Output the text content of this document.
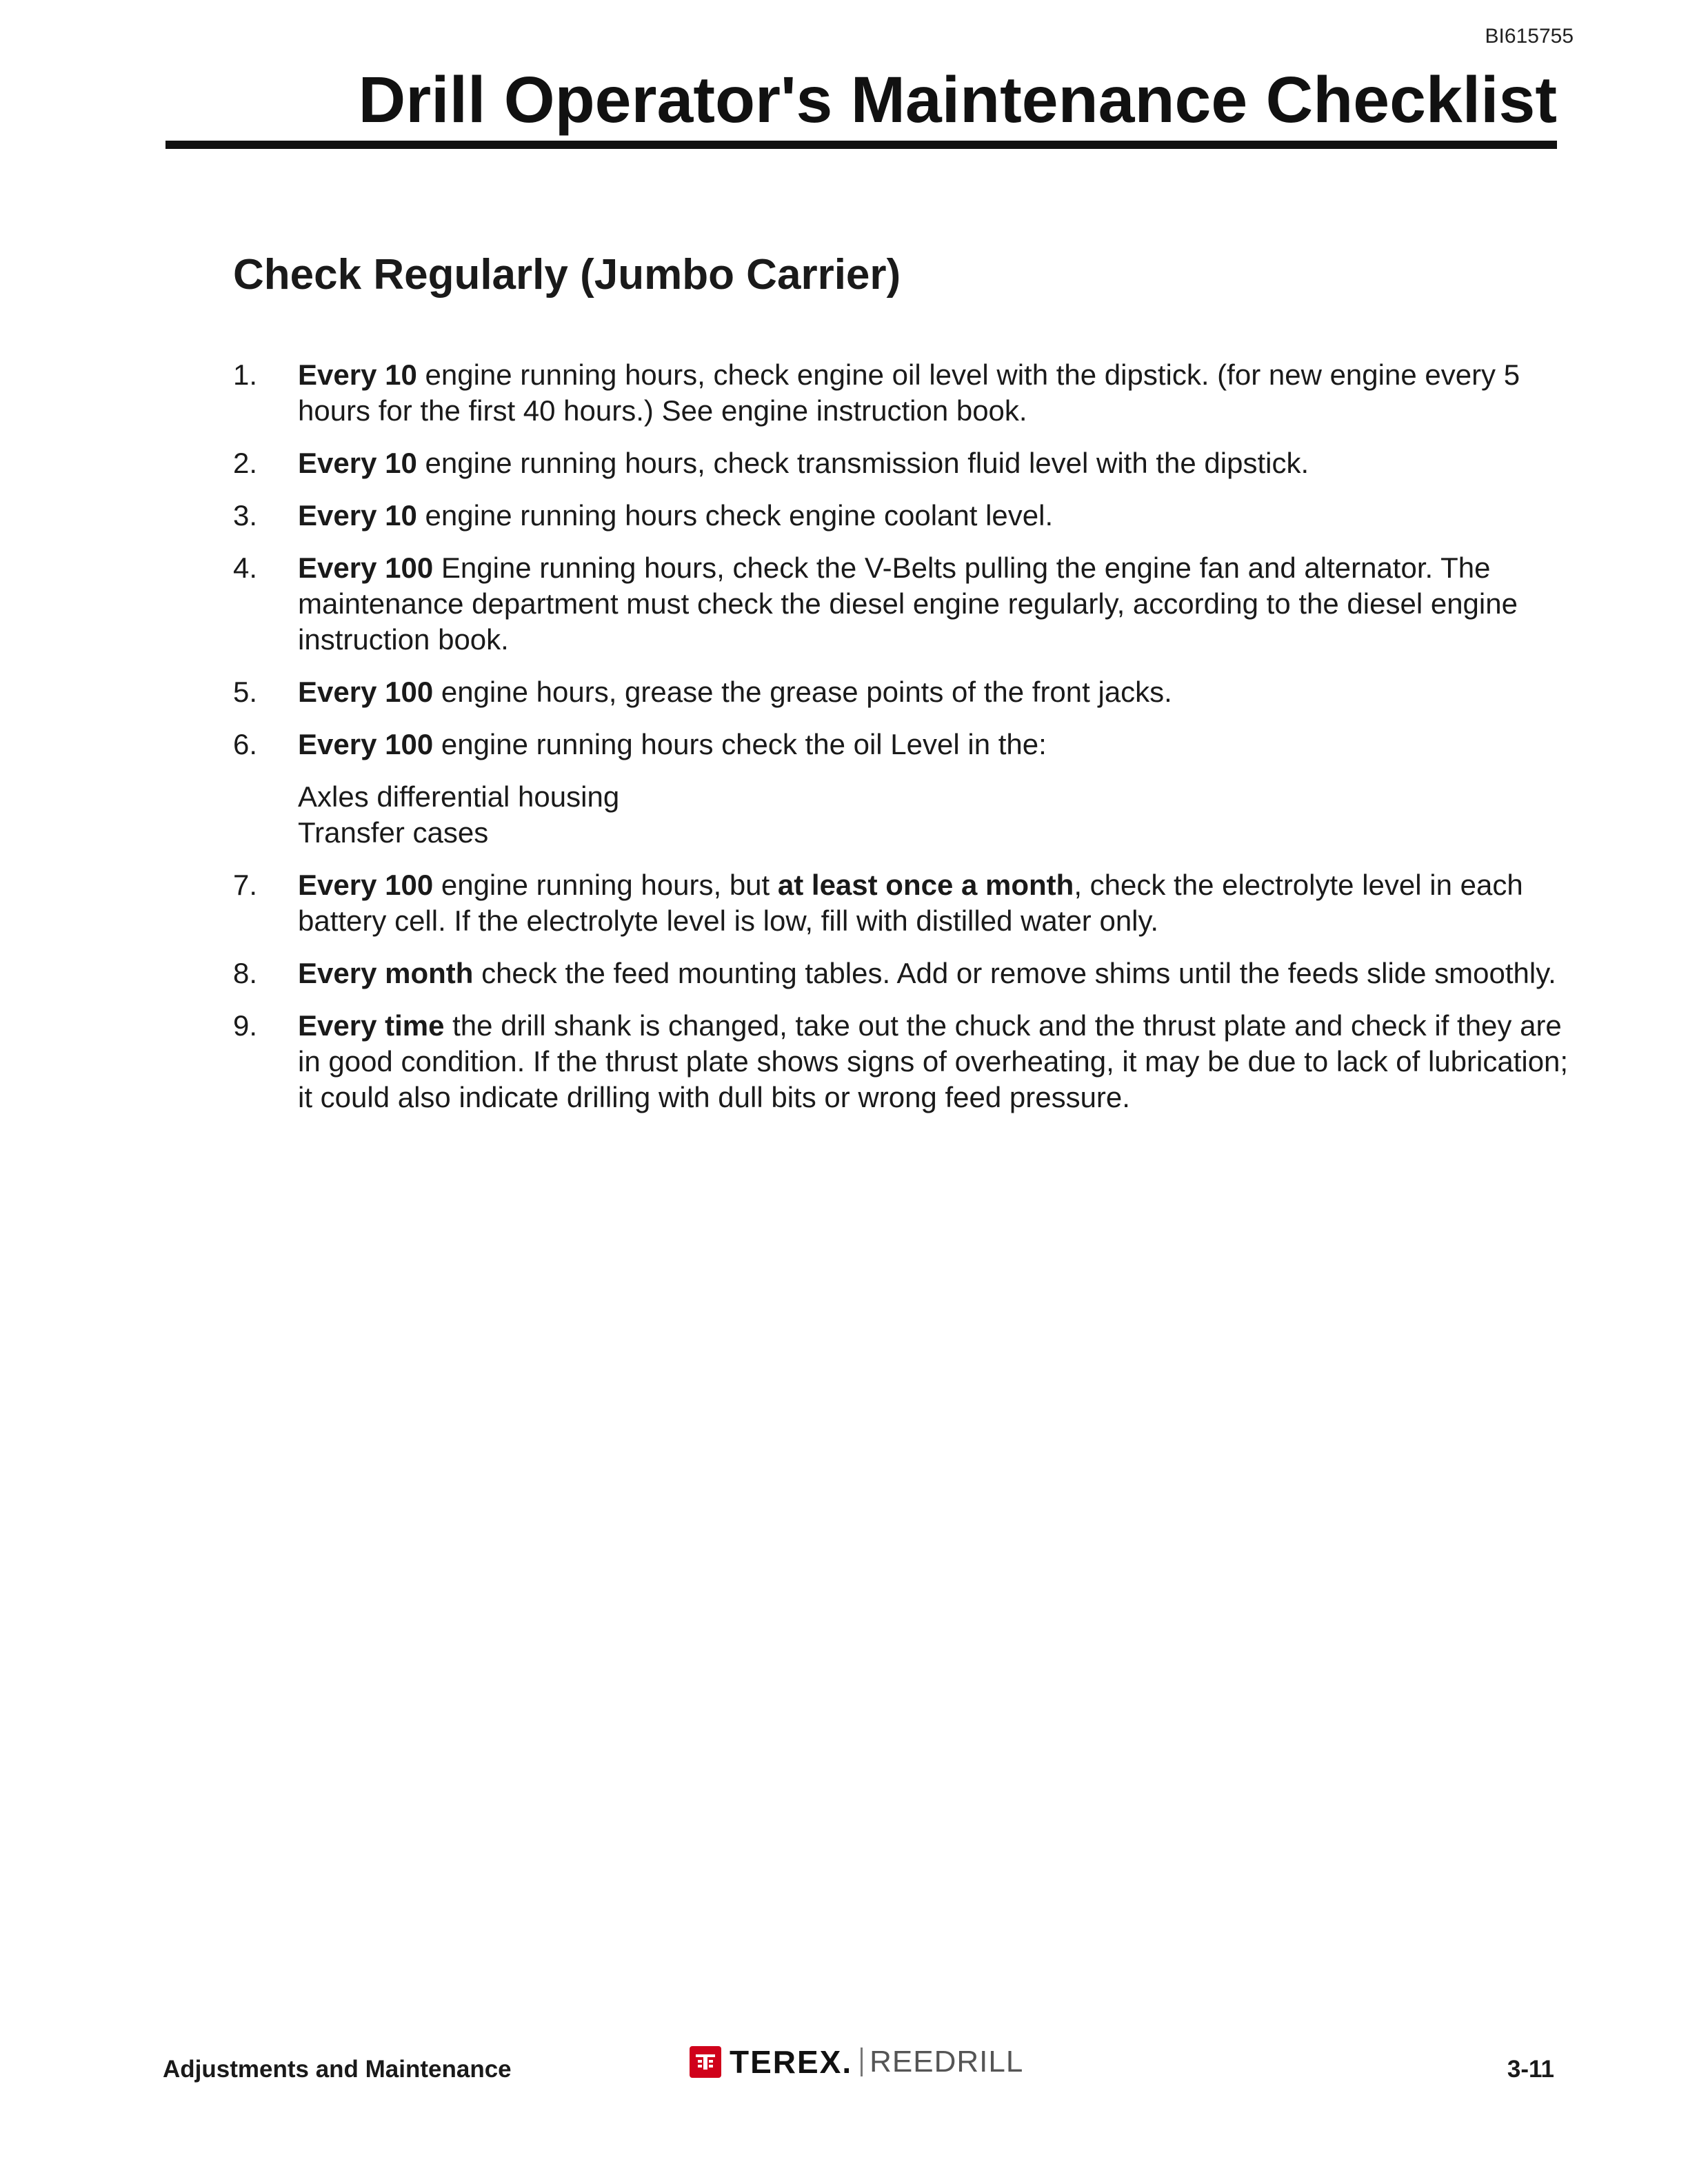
BI615755
Drill Operator's Maintenance Checklist
Check Regularly (Jumbo Carrier)
1. Every 10 engine running hours, check engine oil level with the dipstick. (for new engine every 5 hours for the first 40 hours.) See engine instruction book.
2. Every 10 engine running hours, check transmission fluid level with the dipstick.
3. Every 10 engine running hours check engine coolant level.
4. Every 100 Engine running hours, check the V-Belts pulling the engine fan and alternator. The maintenance department must check the diesel engine regularly, according to the diesel engine instruction book.
5. Every 100 engine hours, grease the grease points of the front jacks.
6. Every 100 engine running hours check the oil Level in the:
Axles differential housing
Transfer cases
7. Every 100 engine running hours, but at least once a month, check the electrolyte level in each battery cell. If the electrolyte level is low, fill with distilled water only.
8. Every month check the feed mounting tables. Add or remove shims until the feeds slide smoothly.
9. Every time the drill shank is changed, take out the chuck and the thrust plate and check if they are in good condition. If the thrust plate shows signs of overheating, it may be due to lack of lubrication; it could also indicate drilling with dull bits or wrong feed pressure.
Adjustments and Maintenance	TEREX. REEDRILL	3-11
